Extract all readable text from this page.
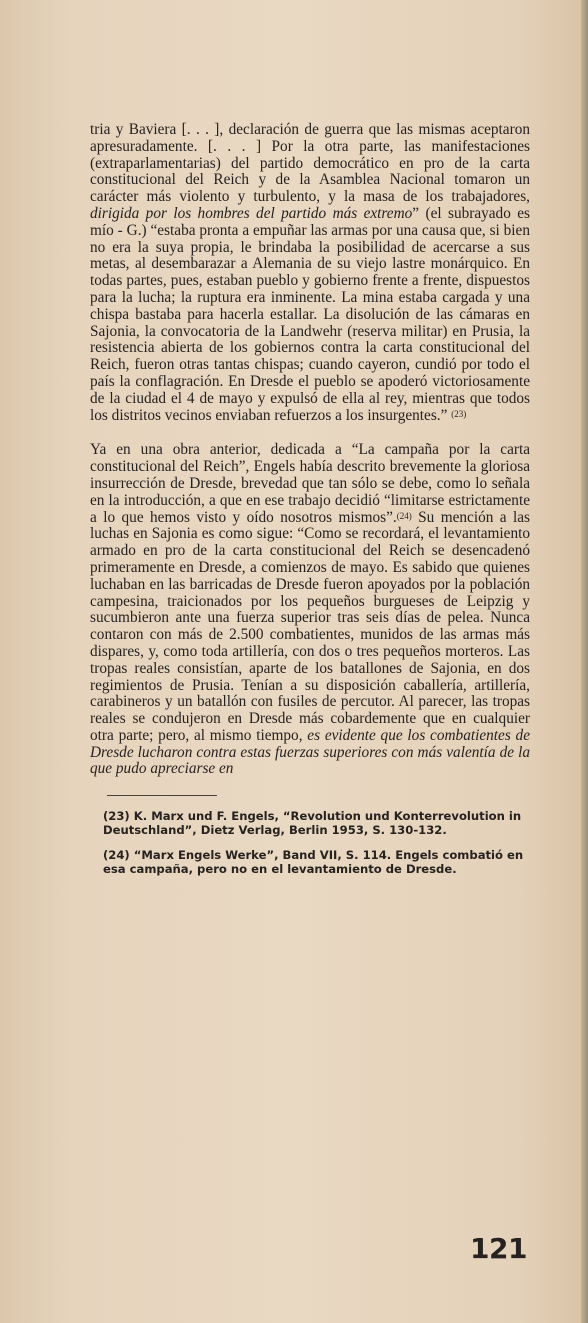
tria y Baviera [. . . ], declaración de guerra que las mismas aceptaron apresuradamente. [. . . ] Por la otra parte, las manifestaciones (extraparlamentarias) del partido democrático en pro de la carta constitucional del Reich y de la Asamblea Nacional tomaron un carácter más violento y turbulento, y la masa de los trabajadores, dirigida por los hombres del partido más extremo” (el subrayado es mío - G.) “estaba pronta a empuñar las armas por una causa que, si bien no era la suya propia, le brindaba la posibilidad de acercarse a sus metas, al desembarazar a Alemania de su viejo lastre monárquico. En todas partes, pues, estaban pueblo y gobierno frente a frente, dispuestos para la lucha; la ruptura era inminente. La mina estaba cargada y una chispa bastaba para hacerla estallar. La disolución de las cámaras en Sajonia, la convocatoria de la Landwehr (reserva militar) en Prusia, la resistencia abierta de los gobiernos contra la carta constitucional del Reich, fueron otras tantas chispas; cuando cayeron, cundió por todo el país la conflagración. En Dresde el pueblo se apoderó victoriosamente de la ciudad el 4 de mayo y expulsó de ella al rey, mientras que todos los distritos vecinos enviaban refuerzos a los insurgentes.” $^{(23)}$

Ya en una obra anterior, dedicada a “La campaña por la carta constitucional del Reich”, Engels había descrito brevemente la gloriosa insurrección de Dresde, brevedad que tan sólo se debe, como lo señala en la introducción, a que en ese trabajo decidió “limitarse estrictamente a lo que hemos visto y oído nosotros mismos”.$^{(24)}$ Su mención a las luchas en Sajonia es como sigue: “Como se recordará, el levantamiento armado en pro de la carta constitucional del Reich se desencadenó primeramente en Dresde, a comienzos de mayo. Es sabido que quienes luchaban en las barricadas de Dresde fueron apoyados por la población campesina, traicionados por los pequeños burgueses de Leipzig y sucumbieron ante una fuerza superior tras seis días de pelea. Nunca contaron con más de 2.500 combatientes, munidos de las armas más dispares, y, como toda artillería, con dos o tres pequeños morteros. Las tropas reales consistían, aparte de los batallones de Sajonia, en dos regimientos de Prusia. Tenían a su disposición caballería, artillería, carabineros y un batallón con fusiles de percutor. Al parecer, las tropas reales se condujeron en Dresde más cobardemente que en cualquier otra parte; pero, al mismo tiempo, es evidente que los combatientes de Dresde lucharon contra estas fuerzas superiores con más valentía de la que pudo apreciarse en

(23) K. Marx und F. Engels, “Revolution und Konterrevolution in Deutschland”, Dietz Verlag, Berlin 1953, S. 130-132.

(24) “Marx Engels Werke”, Band VII, S. 114. Engels combatió en esa campaña, pero no en el levantamiento de Dresde.

121
